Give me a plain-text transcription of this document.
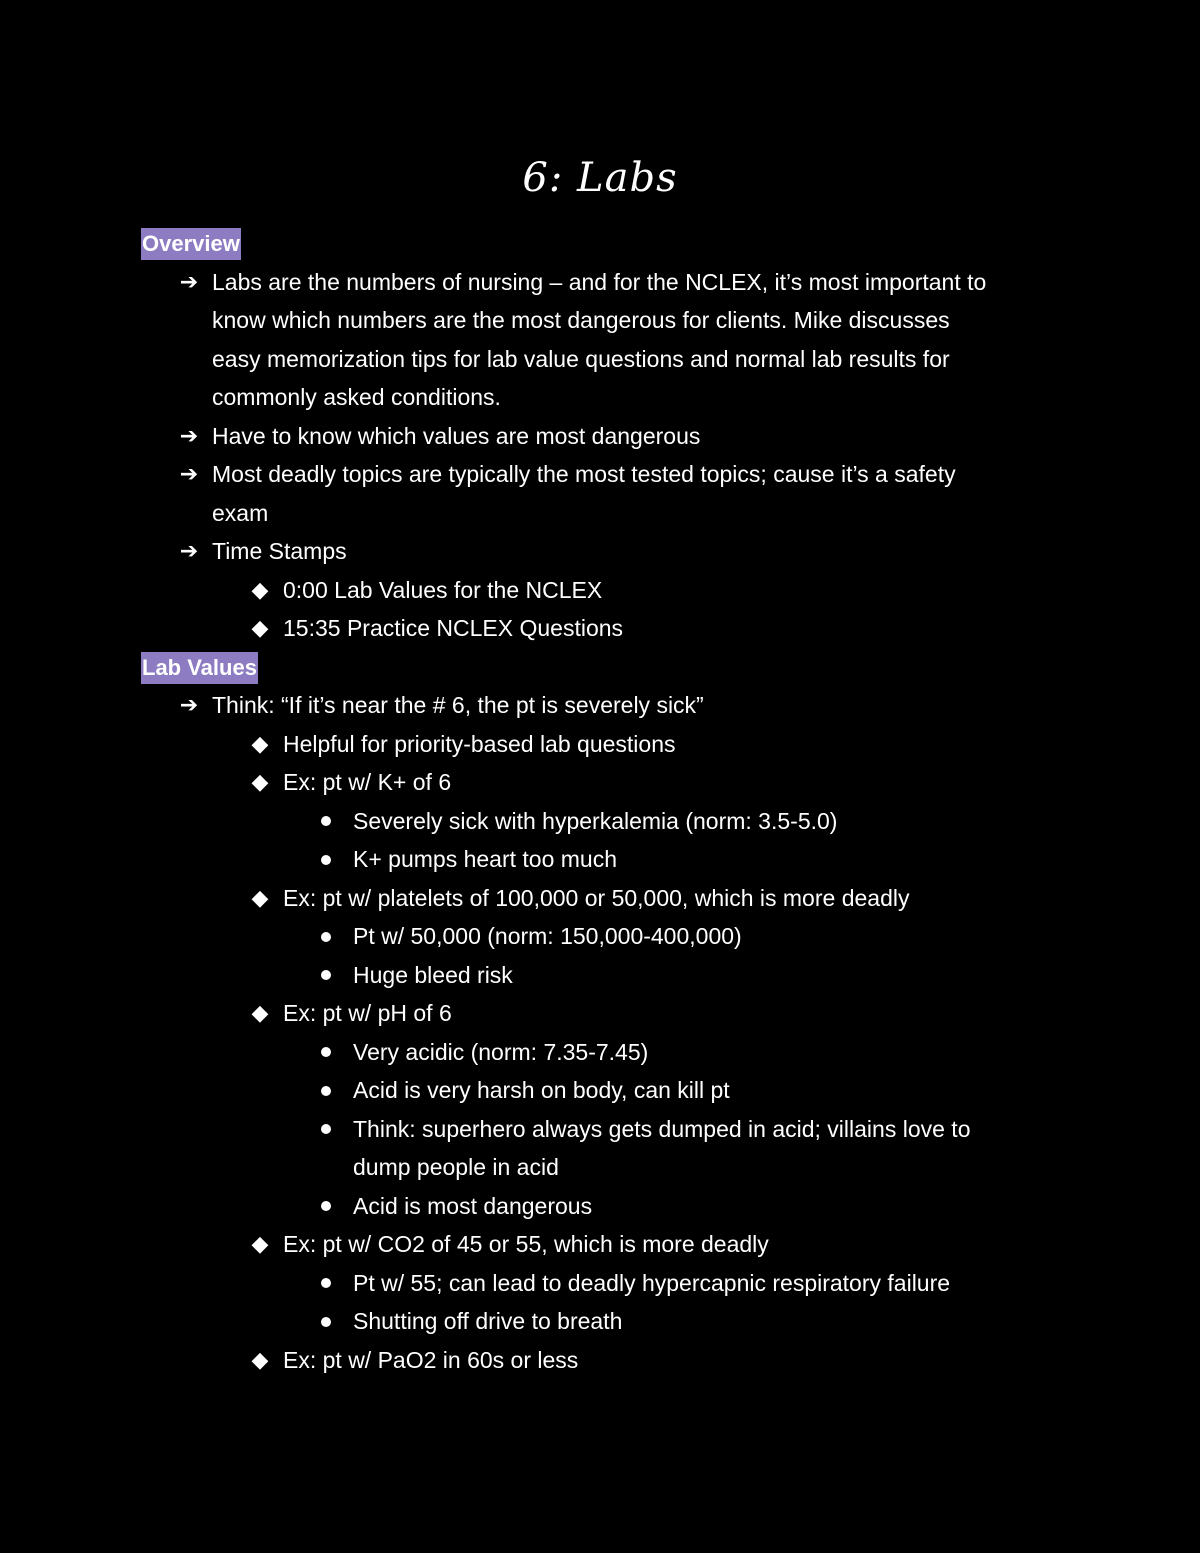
6: Labs
Overview
➔ Labs are the numbers of nursing – and for the NCLEX, it’s most important to
know which numbers are the most dangerous for clients. Mike discusses
easy memorization tips for lab value questions and normal lab results for
commonly asked conditions.
➔ Have to know which values are most dangerous
➔ Most deadly topics are typically the most tested topics; cause it’s a safety
exam
➔ Time Stamps
◆ 0:00 Lab Values for the NCLEX
◆ 15:35 Practice NCLEX Questions
Lab Values
➔ Think: “If it’s near the # 6, the pt is severely sick”
◆ Helpful for priority-based lab questions
◆ Ex: pt w/ K+ of 6
Severely sick with hyperkalemia (norm: 3.5-5.0)
K+ pumps heart too much
◆ Ex: pt w/ platelets of 100,000 or 50,000, which is more deadly
Pt w/ 50,000 (norm: 150,000-400,000)
Huge bleed risk
◆ Ex: pt w/ pH of 6
Very acidic (norm: 7.35-7.45)
Acid is very harsh on body, can kill pt
Think: superhero always gets dumped in acid; villains love to
dump people in acid
Acid is most dangerous
◆ Ex: pt w/ CO2 of 45 or 55, which is more deadly
Pt w/ 55; can lead to deadly hypercapnic respiratory failure
Shutting off drive to breath
◆ Ex: pt w/ PaO2 in 60s or less
